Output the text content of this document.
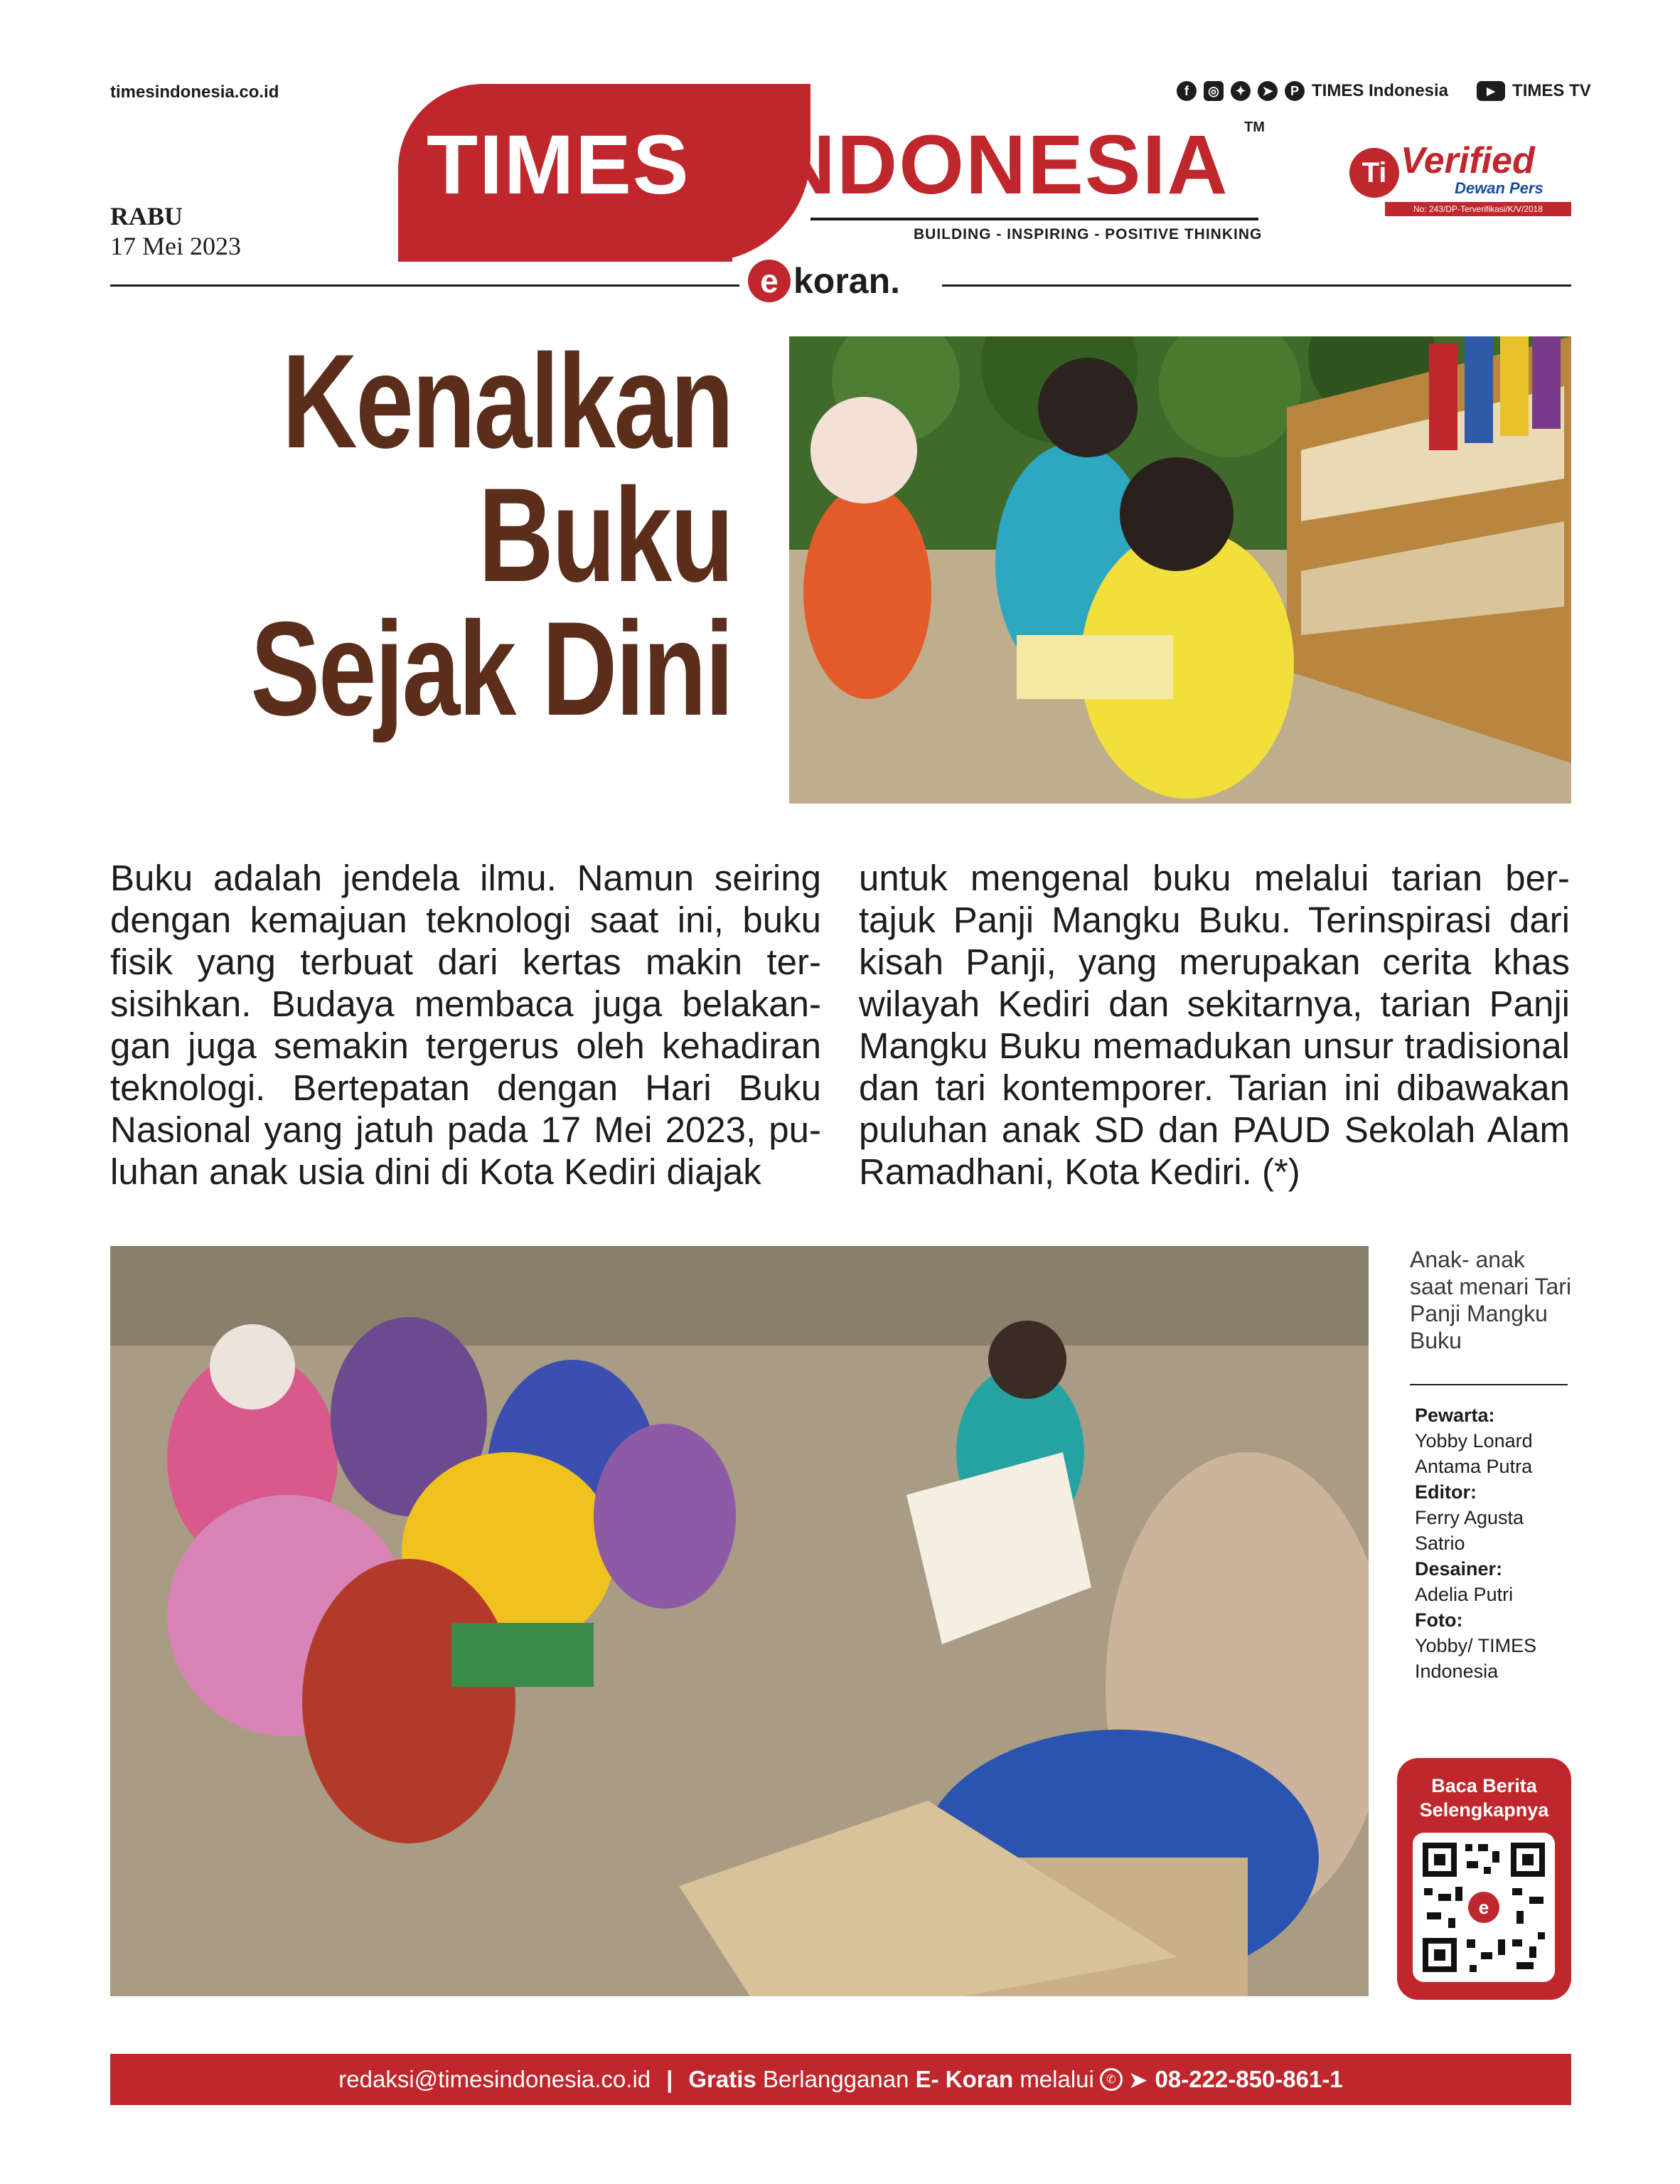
timesindonesia.co.id	f	◎	✦	➤	P TIMES Indonesia	▶	TIMES TV
RABU
17 Mei 2023
TIMES INDONESIA TM
BUILDING - INSPIRING - POSITIVE THINKING
Ti Verified
Dewan Pers
No: 243/DP-Terverifikasi/K/V/2018
e koran.
Kenalkan
Buku
Sejak Dini
Buku adalah jendela ilmu. Namun seiring dengan kemajuan teknologi saat ini, buku fisik yang terbuat dari kertas makin tersisihkan. Budaya membaca juga belakangan juga semakin tergerus oleh kehadiran teknologi. Bertepatan dengan Hari Buku Nasional yang jatuh pada 17 Mei 2023, puluhan anak usia dini di Kota Kediri diajak
untuk mengenal buku melalui tarian bertajuk Panji Mangku Buku. Terinspirasi dari kisah Panji, yang merupakan cerita khas wilayah Kediri dan sekitarnya, tarian Panji Mangku Buku memadukan unsur tradisional dan tari kontemporer. Tarian ini dibawakan puluhan anak SD dan PAUD Sekolah Alam Ramadhani, Kota Kediri. (*)
Anak- anak saat menari Tari Panji Mangku Buku
Pewarta:
Yobby Lonard Antama Putra
Editor:
Ferry Agusta Satrio
Desainer:
Adelia Putri
Foto:
Yobby/ TIMES Indonesia
Baca Berita Selengkapnya
e
redaksi@timesindonesia.co.id | Gratis
Berlangganan
E- Koran
melalui	✆ ➤ 08-222-850-861-1
